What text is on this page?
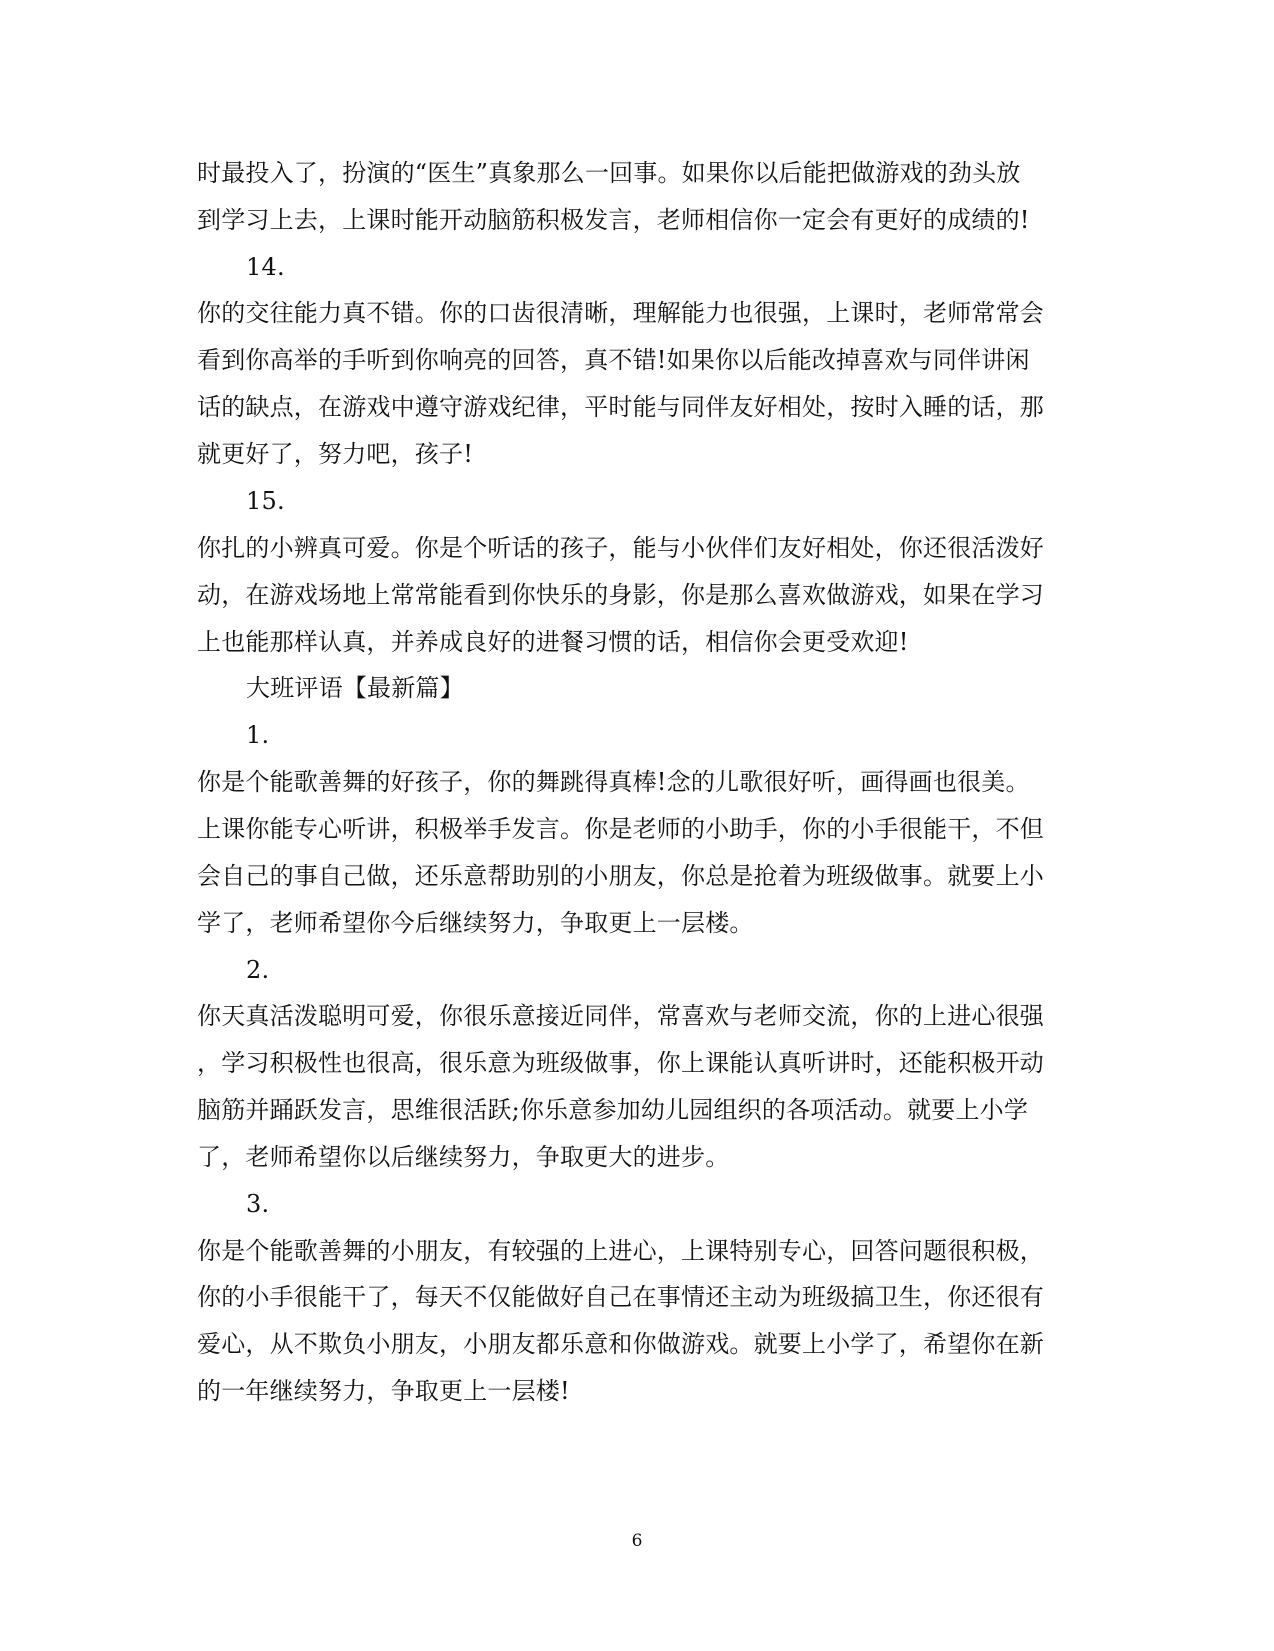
时最投入了，扮演的“医生”真象那么一回事。如果你以后能把做游戏的劲头放
到学习上去，上课时能开动脑筋积极发言，老师相信你一定会有更好的成绩的!
14.
你的交往能力真不错。你的口齿很清晰，理解能力也很强，上课时，老师常常会
看到你高举的手听到你响亮的回答，真不错!如果你以后能改掉喜欢与同伴讲闲
话的缺点，在游戏中遵守游戏纪律，平时能与同伴友好相处，按时入睡的话，那
就更好了，努力吧，孩子!
15.
你扎的小辨真可爱。你是个听话的孩子，能与小伙伴们友好相处，你还很活泼好
动，在游戏场地上常常能看到你快乐的身影，你是那么喜欢做游戏，如果在学习
上也能那样认真，并养成良好的进餐习惯的话，相信你会更受欢迎!
大班评语【最新篇】
1.
你是个能歌善舞的好孩子，你的舞跳得真棒!念的儿歌很好听，画得画也很美。
上课你能专心听讲，积极举手发言。你是老师的小助手，你的小手很能干，不但
会自己的事自己做，还乐意帮助别的小朋友，你总是抢着为班级做事。就要上小
学了，老师希望你今后继续努力，争取更上一层楼。
2.
你天真活泼聪明可爱，你很乐意接近同伴，常喜欢与老师交流，你的上进心很强
，学习积极性也很高，很乐意为班级做事，你上课能认真听讲时，还能积极开动
脑筋并踊跃发言，思维很活跃;你乐意参加幼儿园组织的各项活动。就要上小学
了，老师希望你以后继续努力，争取更大的进步。
3.
你是个能歌善舞的小朋友，有较强的上进心，上课特别专心，回答问题很积极，
你的小手很能干了，每天不仅能做好自己在事情还主动为班级搞卫生，你还很有
爱心，从不欺负小朋友，小朋友都乐意和你做游戏。就要上小学了，希望你在新
的一年继续努力，争取更上一层楼!
6
